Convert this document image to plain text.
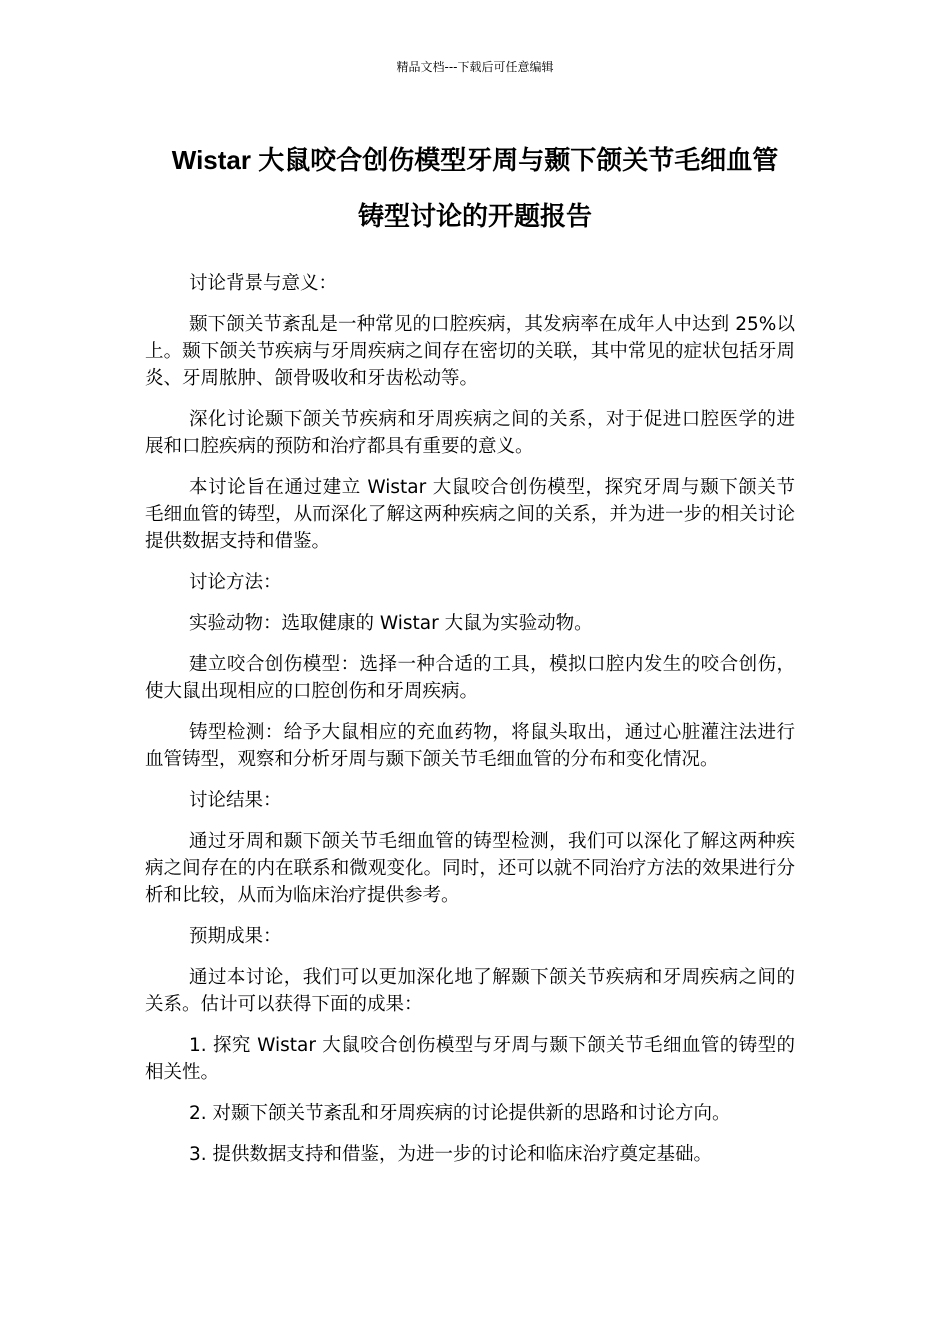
精品文档---下载后可任意编辑
Wistar 大鼠咬合创伤模型牙周与颞下颌关节毛细血管
铸型讨论的开题报告

讨论背景与意义：

颞下颌关节紊乱是一种常见的口腔疾病，其发病率在成年人中达到 25%以上。颞下颌关节疾病与牙周疾病之间存在密切的关联，其中常见的症状包括牙周炎、牙周脓肿、颌骨吸收和牙齿松动等。

深化讨论颞下颌关节疾病和牙周疾病之间的关系，对于促进口腔医学的进展和口腔疾病的预防和治疗都具有重要的意义。

本讨论旨在通过建立 Wistar 大鼠咬合创伤模型，探究牙周与颞下颌关节毛细血管的铸型，从而深化了解这两种疾病之间的关系，并为进一步的相关讨论提供数据支持和借鉴。

讨论方法：

实验动物：选取健康的 Wistar 大鼠为实验动物。

建立咬合创伤模型：选择一种合适的工具，模拟口腔内发生的咬合创伤，使大鼠出现相应的口腔创伤和牙周疾病。

铸型检测：给予大鼠相应的充血药物，将鼠头取出，通过心脏灌注法进行血管铸型，观察和分析牙周与颞下颌关节毛细血管的分布和变化情况。

讨论结果：

通过牙周和颞下颌关节毛细血管的铸型检测，我们可以深化了解这两种疾病之间存在的内在联系和微观变化。同时，还可以就不同治疗方法的效果进行分析和比较，从而为临床治疗提供参考。

预期成果：

通过本讨论，我们可以更加深化地了解颞下颌关节疾病和牙周疾病之间的关系。估计可以获得下面的成果：

1. 探究 Wistar 大鼠咬合创伤模型与牙周与颞下颌关节毛细血管的铸型的相关性。

2. 对颞下颌关节紊乱和牙周疾病的讨论提供新的思路和讨论方向。

3. 提供数据支持和借鉴，为进一步的讨论和临床治疗奠定基础。
